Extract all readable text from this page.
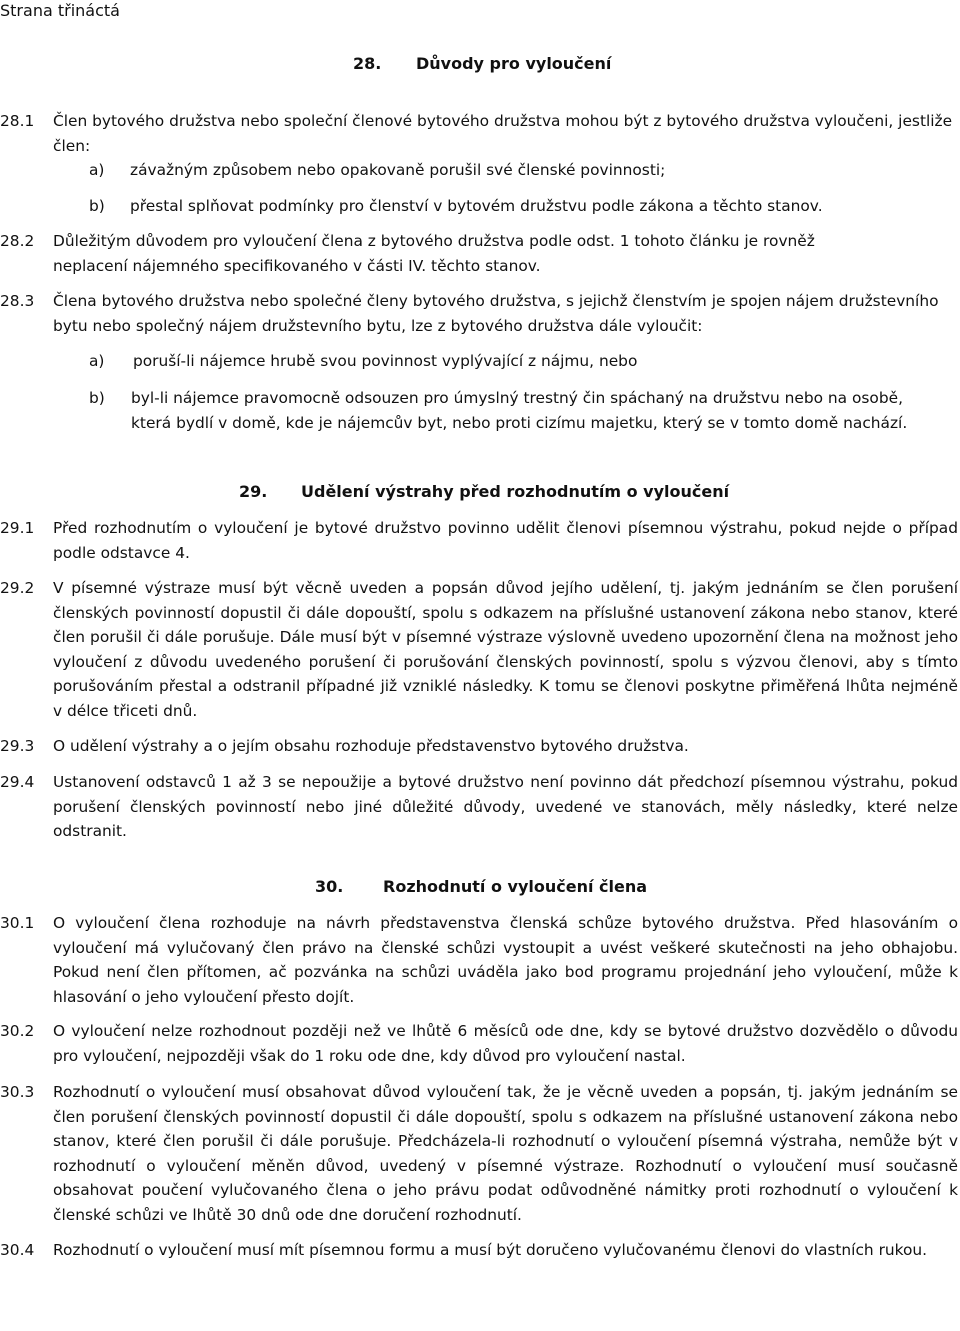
Strana třináctá
28. Důvody pro vyloučení
28.1	Člen bytového družstva nebo společní členové bytového družstva mohou být z bytového družstva vyloučeni, jestliže člen:
a) závažným způsobem nebo opakovaně porušil své členské povinnosti;
b) přestal splňovat podmínky pro členství v bytovém družstvu podle zákona a těchto stanov.
28.2	Důležitým důvodem pro vyloučení člena z bytového družstva podle odst. 1 tohoto článku je rovněž neplacení nájemného specifikovaného v části IV. těchto stanov.
28.3	Člena bytového družstva nebo společné členy bytového družstva, s jejichž členstvím je spojen nájem družstevního bytu nebo společný nájem družstevního bytu, lze z bytového družstva dále vyloučit:
a) poruší-li nájemce hrubě svou povinnost vyplývající z nájmu, nebo
b) byl-li nájemce pravomocně odsouzen pro úmyslný trestný čin spáchaný na družstvu nebo na osobě, která bydlí v domě, kde je nájemcův byt, nebo proti cizímu majetku, který se v tomto domě nachází.
29. Udělení výstrahy před rozhodnutím o vyloučení
29.1	Před rozhodnutím o vyloučení je bytové družstvo povinno udělit členovi písemnou výstrahu, pokud nejde o případ podle odstavce 4.
29.2	V písemné výstraze musí být věcně uveden a popsán důvod jejího udělení, tj. jakým jednáním se člen porušení členských povinností dopustil či dále dopouští, spolu s odkazem na příslušné ustanovení zákona nebo stanov, které člen porušil či dále porušuje. Dále musí být v písemné výstraze výslovně uvedeno upozornění člena na možnost jeho vyloučení z důvodu uvedeného porušení či porušování členských povinností, spolu s výzvou členovi, aby s tímto porušováním přestal a odstranil případné již vzniklé následky. K tomu se členovi poskytne přiměřená lhůta nejméně v délce třiceti dnů.
29.3	O udělení výstrahy a o jejím obsahu rozhoduje představenstvo bytového družstva.
29.4	Ustanovení odstavců 1 až 3 se nepoužije a bytové družstvo není povinno dát předchozí písemnou výstrahu, pokud porušení členských povinností nebo jiné důležité důvody, uvedené ve stanovách, měly následky, které nelze odstranit.
30. Rozhodnutí o vyloučení člena
30.1	O vyloučení člena rozhoduje na návrh představenstva členská schůze bytového družstva. Před hlasováním o vyloučení má vylučovaný člen právo na členské schůzi vystoupit a uvést veškeré skutečnosti na jeho obhajobu. Pokud není člen přítomen, ač pozvánka na schůzi uváděla jako bod programu projednání jeho vyloučení, může k hlasování o jeho vyloučení přesto dojít.
30.2	O vyloučení nelze rozhodnout později než ve lhůtě 6 měsíců ode dne, kdy se bytové družstvo dozvědělo o důvodu pro vyloučení, nejpozději však do 1 roku ode dne, kdy důvod pro vyloučení nastal.
30.3	Rozhodnutí o vyloučení musí obsahovat důvod vyloučení tak, že je věcně uveden a popsán, tj. jakým jednáním se člen porušení členských povinností dopustil či dále dopouští, spolu s odkazem na příslušné ustanovení zákona nebo stanov, které člen porušil či dále porušuje. Předcházela-li rozhodnutí o vyloučení písemná výstraha, nemůže být v rozhodnutí o vyloučení měněn důvod, uvedený v písemné výstraze. Rozhodnutí o vyloučení musí současně obsahovat poučení vylučovaného člena o jeho právu podat odůvodněné námitky proti rozhodnutí o vyloučení k členské schůzi ve lhůtě 30 dnů ode dne doručení rozhodnutí.
30.4	Rozhodnutí o vyloučení musí mít písemnou formu a musí být doručeno vylučovanému členovi do vlastních rukou.
